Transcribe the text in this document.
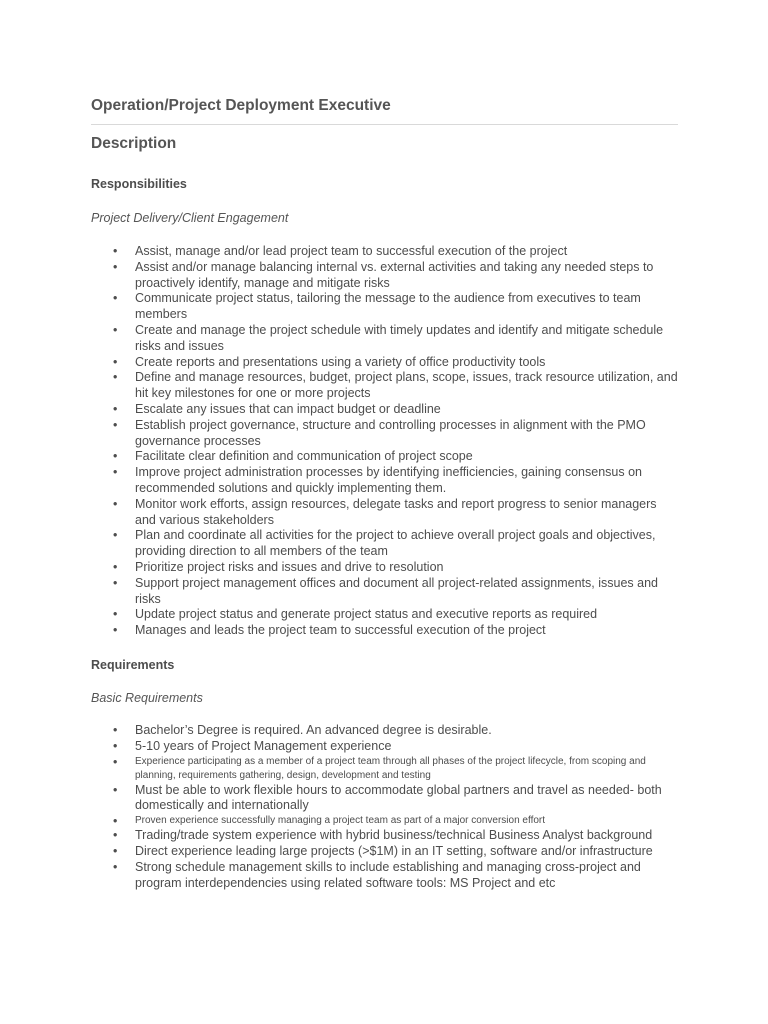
Operation/Project Deployment Executive
Description
Responsibilities
Project Delivery/Client Engagement
• Assist, manage and/or lead project team to successful execution of the project
• Assist and/or manage balancing internal vs. external activities and taking any needed steps to proactively identify, manage and mitigate risks
• Communicate project status, tailoring the message to the audience from executives to team members
• Create and manage the project schedule with timely updates and identify and mitigate schedule risks and issues
• Create reports and presentations using a variety of office productivity tools
• Define and manage resources, budget, project plans, scope, issues, track resource utilization, and hit key milestones for one or more projects
• Escalate any issues that can impact budget or deadline
• Establish project governance, structure and controlling processes in alignment with the PMO governance processes
• Facilitate clear definition and communication of project scope
• Improve project administration processes by identifying inefficiencies, gaining consensus on recommended solutions and quickly implementing them.
• Monitor work efforts, assign resources, delegate tasks and report progress to senior managers and various stakeholders
• Plan and coordinate all activities for the project to achieve overall project goals and objectives, providing direction to all members of the team
• Prioritize project risks and issues and drive to resolution
• Support project management offices and document all project-related assignments, issues and risks
• Update project status and generate project status and executive reports as required
• Manages and leads the project team to successful execution of the project
Requirements
Basic Requirements
• Bachelor’s Degree is required. An advanced degree is desirable.
• 5-10 years of Project Management experience
• Experience participating as a member of a project team through all phases of the project lifecycle, from scoping and planning, requirements gathering, design, development and testing
• Must be able to work flexible hours to accommodate global partners and travel as needed- both domestically and internationally
• Proven experience successfully managing a project team as part of a major conversion effort
• Trading/trade system experience with hybrid business/technical Business Analyst background
• Direct experience leading large projects (>$1M) in an IT setting, software and/or infrastructure
• Strong schedule management skills to include establishing and managing cross-project and program interdependencies using related software tools: MS Project and etc
